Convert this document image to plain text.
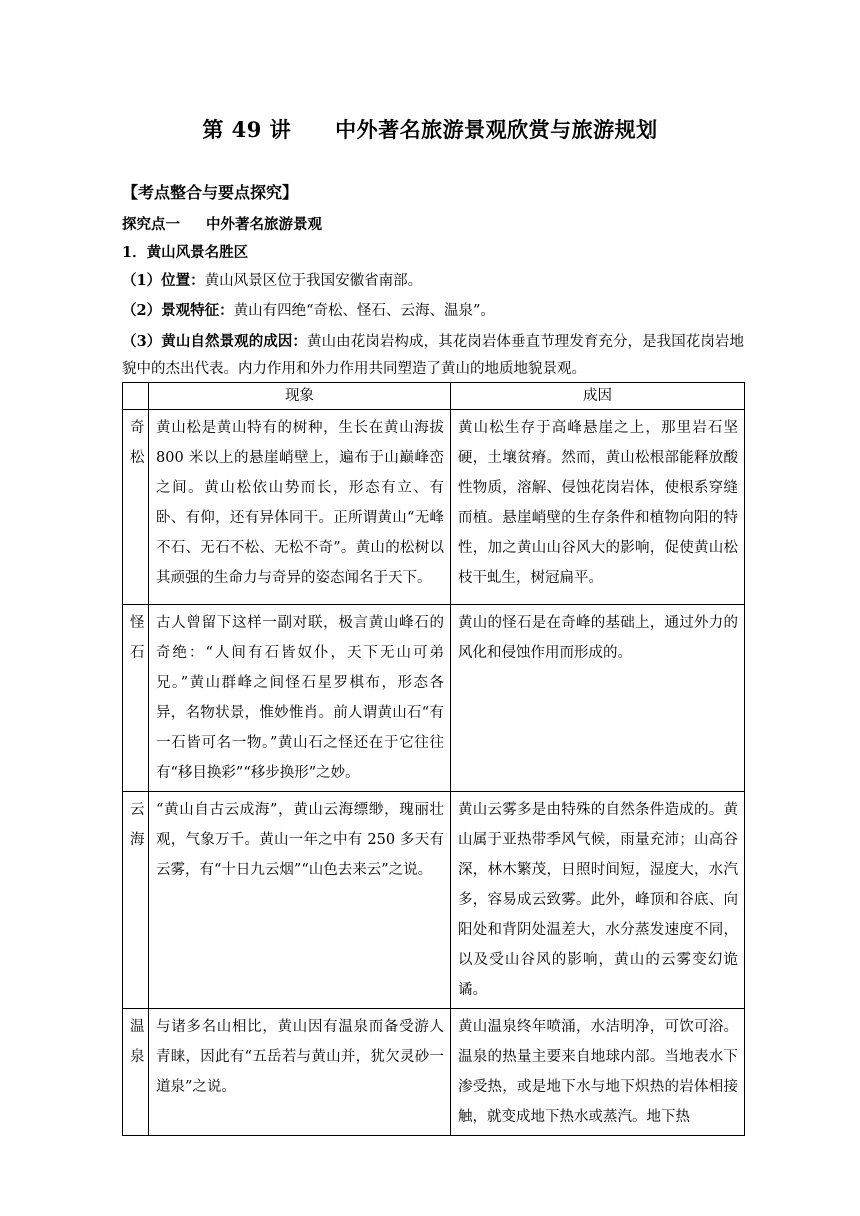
第 49 讲 中外著名旅游景观欣赏与旅游规划
【考点整合与要点探究】
探究点一 中外著名旅游景观
1．黄山风景名胜区
（1）位置：黄山风景区位于我国安徽省南部。
（2）景观特征：黄山有四绝“奇松、怪石、云海、温泉”。
（3）黄山自然景观的成因：黄山由花岗岩构成，其花岗岩体垂直节理发育充分，是我国花岗岩地貌中的杰出代表。内力作用和外力作用共同塑造了黄山的地质地貌景观。
	现象	成因
奇松	黄山松是黄山特有的树种，生长在黄山海拔 800 米以上的悬崖峭壁上，遍布于山巅峰峦之间。黄山松依山势而长，形态有立、有卧、有仰，还有异体同干。正所谓黄山“无峰不石、无石不松、无松不奇”。黄山的松树以其顽强的生命力与奇异的姿态闻名于天下。	黄山松生存于高峰悬崖之上，那里岩石坚硬，土壤贫瘠。然而，黄山松根部能释放酸性物质，溶解、侵蚀花岗岩体，使根系穿缝而植。悬崖峭壁的生存条件和植物向阳的特性，加之黄山山谷风大的影响，促使黄山松枝干虬生，树冠扁平。
怪石	古人曾留下这样一副对联，极言黄山峰石的奇绝：“人间有石皆奴仆，天下无山可弟兄。”黄山群峰之间怪石星罗棋布，形态各异，名物状景，惟妙惟肖。前人谓黄山石“有一石皆可名一物。”黄山石之怪还在于它往往有“移目换彩”“移步换形”之妙。	黄山的怪石是在奇峰的基础上，通过外力的风化和侵蚀作用而形成的。
云海	“黄山自古云成海”，黄山云海缥缈，瑰丽壮观，气象万千。黄山一年之中有 250 多天有云雾，有“十日九云烟”“山色去来云”之说。	黄山云雾多是由特殊的自然条件造成的。黄山属于亚热带季风气候，雨量充沛；山高谷深，林木繁茂，日照时间短，湿度大，水汽多，容易成云致雾。此外，峰顶和谷底、向阳处和背阴处温差大，水分蒸发速度不同，以及受山谷风的影响，黄山的云雾变幻诡谲。
温泉	与诸多名山相比，黄山因有温泉而备受游人青睐，因此有“五岳若与黄山并，犹欠灵砂一道泉”之说。	黄山温泉终年喷涌，水洁明净，可饮可浴。温泉的热量主要来自地球内部。当地表水下渗受热，或是地下水与地下炽热的岩体相接触，就变成地下热水或蒸汽。地下热
